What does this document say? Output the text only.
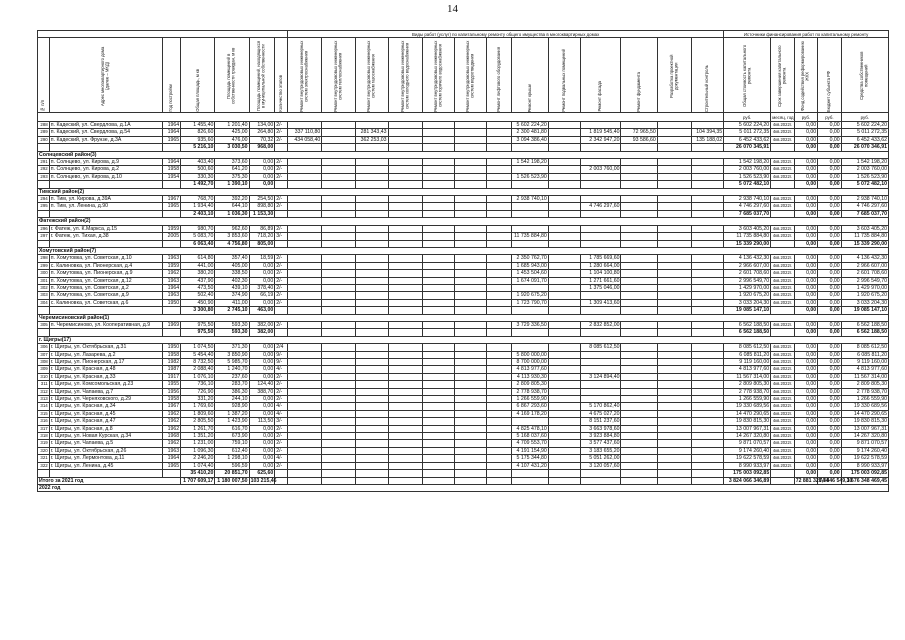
14
							Виды работ (услуг) по капитальному ремонту общего имущества в многоквартирных домах													Источники финансирования работ по капитальному ремонту				

№ п/п	Адрес многоквартирного дома (далее – МКД)	Год постройки	Общая площадь, м кв	Площадь помещений в собственности граждан, м кв	Площадь помещений, находящихся в муниципальной собственности	Количество этапов	Ремонт внутридомовых инженерных систем электроснабжения	Ремонт внутридомовых инженерных систем теплоснабжения	Ремонт внутридомовых инженерных систем газоснабжения	Ремонт внутридомовых инженерных систем холодного водоснабжения	Ремонт внутридомовых инженерных систем горячего водоснабжения	Ремонт внутридомовых инженерных систем водоотведения	Ремонт лифтового оборудования	Ремонт крыши	Ремонт подвальных помещений	Ремонт фасада	Ремонт фундамента	Разработка проектной документации	Строительный контроль	Общая стоимость капитального ремонта	Срок завершения капитального ремонта	Фонд содействия реформированию ЖКХ	Бюджет субъекта РФ	Средства собственников помещений

																				руб.	месяц, год	руб.	руб.	руб.
288	п. Кадеский, ул. Свердлова, д.1А	1964	1 455,40	1 201,40	134,00	2/-								5 602 224,20						5 602 224,20	4кв.2022г.	0,00	0,00	5 602 224,20
289	п. Кадеский, ул. Свердлова, д.54	1964	826,60	425,00	264,80	2/-	337 110,80		281 343,43					2 300 481,80		1 819 545,40	72 965,50		104 394,35	5 011 272,35	4кв.2022г.	0,00	0,00	5 011 272,35
290	п. Кадеский, ул. Фрунзе, д.3А	1965	935,60	476,00	70,32	2/-	434 058,40		362 253,03					3 094 386,40		2 342 947,20	93 586,60		135 188,02	6 452 433,62	4кв.2022г.	0,00	0,00	6 452 433,62
			5 216,10	3 030,50	968,00															26 070 345,91		0,00	0,00	26 070 346,91
Солнцевский район(3)																								
291	п. Солнцево, ул. Кирова, д.9	1964	403,40	373,60	0,00	2/-								1 542 198,20						1 542 198,20	4кв.2022г.	0,00	0,00	1 542 198,20
292	п. Солнцево, ул. Кирова, д.2	1958	500,60	641,20	0,00	2/-										2 003 760,00				2 003 760,00	4кв.2022г.	0,00	0,00	2 003 760,00
293	п. Солнцево, ул. Кирова, д.10	1954	330,30	375,30	0,00	2/-								1 526 523,90						1 526 523,90	4кв.2022г.	0,00	0,00	1 526 523,90
			1 492,70	1 390,10	0,00															5 072 482,10		0,00	0,00	5 072 482,10
Тимский район(2)																								
294	п. Тим, ул. Кирова, д.39А	1967	768,70	392,20	254,50	2/-								2 938 740,10						2 938 740,10	4кв.2022г.	0,00	0,00	2 938 740,10
295	п. Тим, ул. Ленина, д.90	1965	1 934,40	644,10	898,80	2/-										4 746 297,60				4 746 297,60	4кв.2022г.	0,00	0,00	4 746 297,60
			2 403,10	1 036,30	1 153,30															7 685 037,70		0,00	0,00	7 685 037,70
Фатежский район(2)																								
296	г. Фатеж, ул. К.Маркса, д.15	1959	980,70	962,60	86,89	2/-														3 603 405,20	4кв.2022г.	0,00	0,00	3 603 405,20
297	г. Фатеж, ул. Тихая, д.38	2005	5 083,70	3 853,60	718,20	3/-								11 735 884,80						11 735 884,80	4кв.2022г.	0,00	0,00	11 735 884,80
			6 063,40	4 756,80	805,00															15 339 290,00		0,00	0,00	15 339 290,00
Хомутовский район(7)																								
298	п. Хомутовка, ул. Советская, д.10	1963	614,80	357,40	18,59	2/-								2 350 762,70		1 785 669,60				4 136 432,30	4кв.2022г.	0,00	0,00	4 136 432,30
299	с. Калиновка, ул. Пионерская, д.4	1959	441,00	405,00	0,00	2/-								1 685 943,00		1 280 664,00				2 966 607,00	4кв.2022г.	0,00	0,00	2 966 607,00
300	п. Хомутовка, ул. Пионерская, д.9	1962	380,20	338,50	0,00	2/-								1 453 504,60		1 104 100,80				2 601 708,60	4кв.2022г.	0,00	0,00	2 601 708,60
301	п. Хомутовка, ул. Советская, д.12	1963	437,90	402,30	0,00	2/-								1 674 091,70		1 271 661,60				2 996 549,70	4кв.2022г.	0,00	0,00	2 996 549,70
302	п. Хомутовка, ул. Советская, д.2	1964	473,50	439,10	378,40	2/-										1 375 046,00				1 429 970,00	4кв.2022г.	0,00	0,00	1 429 970,00
303	п. Хомутовка, ул. Советская, д.9	1963	502,40	374,90	66,19	2/-								1 920 675,20						1 920 675,20	4кв.2022г.	0,00	0,00	1 920 675,20
304	с. Калиновка, ул. Советская, д.6	1950	450,90	411,00	0,00	2/-								1 723 790,70		1 309 413,60				3 033 204,30	4кв.2022г.	0,00	0,00	3 033 204,30
			3 300,80	2 745,10	463,00															19 085 147,10		0,00	0,00	19 085 147,10
Черемисиновский район(1)																								
305	п. Черемисиново, ул. Кооперативная, д.9	1969	975,50	593,30	382,00	2/-								3 729 336,50		2 832 852,00				6 562 188,50	4кв.2022г.	0,00	0,00	6 562 188,50
			975,50	593,30	382,00															6 562 188,50		0,00	0,00	6 562 188,50
г. Щигры(17)																								
306	г. Щигры, ул. Октябрьская, д.31	1950	1 074,50	371,30	0,00	2/4										8 085 612,50				8 085 612,50	4кв.2022г.	0,00	0,00	8 085 612,50
307	г. Щигры, ул. Лазарева, д.2	1958	5 454,40	3 850,90	0,00	9/-								5 800 000,00						6 085 811,20	4кв.2022г.	0,00	0,00	6 085 811,20
308	г. Щигры, ул. Пионерская, д.17	1982	8 732,50	5 985,70	0,00	9/-								8 700 000,00						9 119 160,00	4кв.2022г.	0,00	0,00	9 119 160,00
309	г. Щигры, ул. Красная, д.48	1987	2 088,40	1 240,70	0,00	4/-								4 813 977,60						4 813 977,60	4кв.2022г.	0,00	0,00	4 813 977,60
310	г. Щигры, ул. Красная, д.33	1917	1 076,10	237,60	0,00	2/-								4 113 930,30		3 124 894,40				11 567 314,00	4кв.2022г.	0,00	0,00	11 567 314,00
311	г. Щигры, ул. Комсомольская, д.23	1955	736,10	283,70	124,40	2/-								2 809 805,30						2 809 805,30	4кв.2022г.	0,00	0,00	2 809 805,30
312	г. Щигры, ул. Чапаева, д.7	1956	726,90	386,30	388,70	2/-								2 778 938,70						2 778 938,70	4кв.2022г.	0,00	0,00	2 778 938,70
313	г. Щигры, ул. Черняховского, д.29	1958	331,20	244,10	0,00	2/-								1 266 559,90						1 266 559,90	4кв.2022г.	0,00	0,00	1 266 559,90
314	г. Щигры, ул. Красная, д.34	1967	1 769,60	928,90	0,00	4/-								6 867 293,60		5 170 862,40				19 330 689,56	4кв.2022г.	0,00	0,00	19 330 689,56
315	г. Щигры, ул. Красная, д.45	1962	1 809,60	1 387,20	0,00	4/-								4 169 178,20		4 675 027,20				14 470 290,65	4кв.2022г.	0,00	0,00	14 470 290,65
316	г. Щигры, ул. Красная, д.47	1962	2 805,50	1 423,90	113,50	3/-										8 151 237,60				19 830 815,30	4кв.2022г.	0,00	0,00	19 830 815,30
317	г. Щигры, ул. Красная, д.8	1962	1 261,70	616,70	0,00	2/-								4 825 478,10		3 663 978,60				13 007 967,31	4кв.2022г.	0,00	0,00	13 007 967,31
318	г. Щигры, ул. Новая Курская, д.34	1968	1 351,20	673,90	0,00	2/-								5 168 037,60		3 923 884,80				14 267 320,80	4кв.2022г.	0,00	0,00	14 267 320,80
319	г. Щигры, ул. Чапаева, д.5	1962	1 231,00	759,10	0,00	2/-								4 709 553,70		3 577 437,60				9 871 070,57	4кв.2022г.	0,00	0,00	9 871 070,57
320	г. Щигры, ул. Октябрьская, д.26	1963	1 096,30	612,40	0,00	2/-								4 191 154,90		3 183 655,20				9 174 260,40	4кв.2022г.	0,00	0,00	9 174 260,40
321	г. Щигры, ул. Лермонтова, д.11	1964	2 246,20	1 298,10	0,00	4/-								5 175 344,80		5 051 262,00				19 622 578,59	4кв.2022г.	0,00	0,00	19 622 578,59
322	г. Щигры, ул. Ленина, д.45	1965	1 074,40	596,59	0,00	2/-								4 107 431,20		3 120 057,60				8 990 933,97	4кв.2022г.	0,00	0,00	8 990 933,97
			35 410,20	20 851,70	625,60															175 003 092,85		0,00	0,00	175 003 092,85
Итого за 2021 год			1 707 609,17	1 180 007,50	103 215,46															3 824 066 346,89		72 881 328,34	74 846 549,10	3 676 348 469,45
2022 год																								
